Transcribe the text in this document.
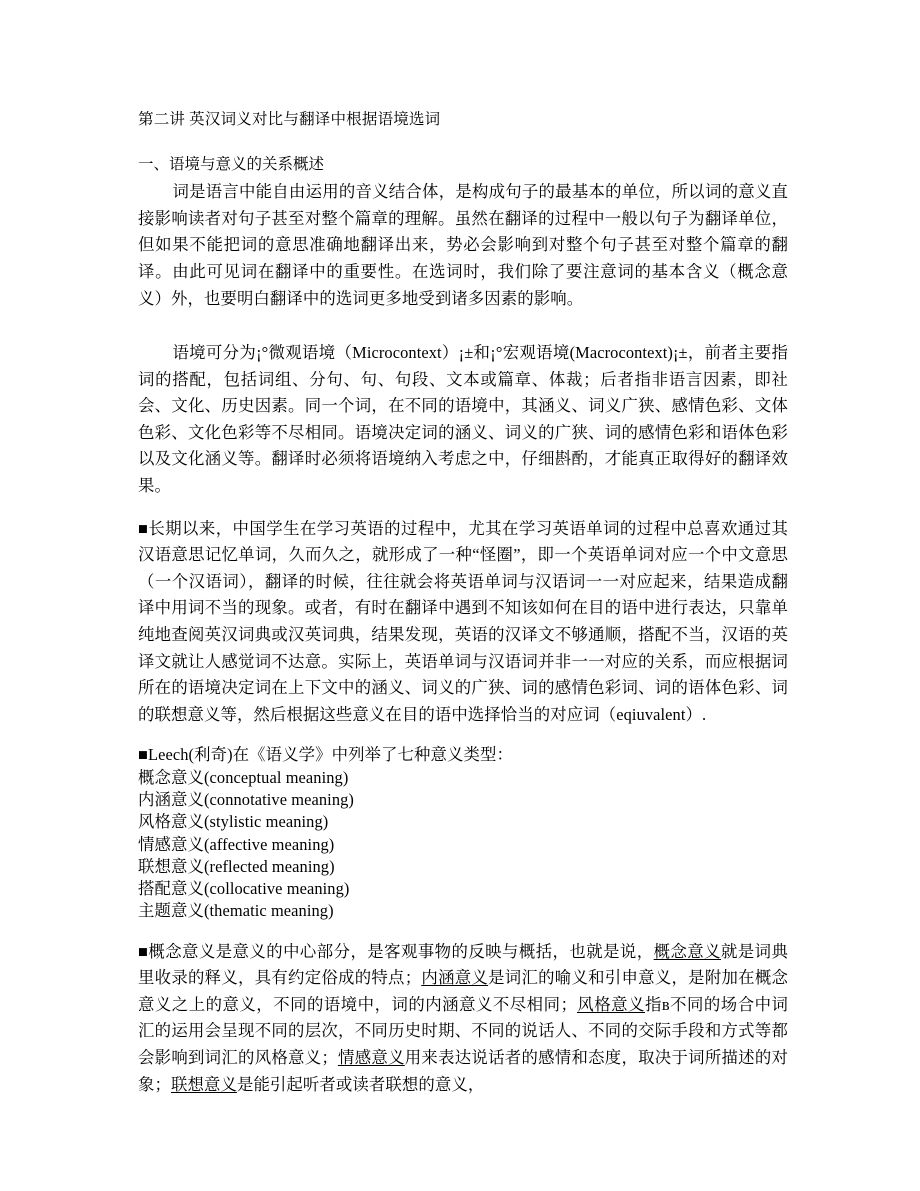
第二讲 英汉词义对比与翻译中根据语境选词
一、语境与意义的关系概述

词是语言中能自由运用的音义结合体，是构成句子的最基本的单位，所以词的意义直接影响读者对句子甚至对整个篇章的理解。虽然在翻译的过程中一般以句子为翻译单位，但如果不能把词的意思准确地翻译出来，势必会影响到对整个句子甚至对整个篇章的翻译。由此可见词在翻译中的重要性。在选词时，我们除了要注意词的基本含义（概念意义）外，也要明白翻译中的选词更多地受到诸多因素的影响。

语境可分为¡°微观语境（Microcontext）¡±和¡°宏观语境(Macrocontext)¡±，前者主要指词的搭配，包括词组、分句、句、句段、文本或篇章、体裁；后者指非语言因素，即社会、文化、历史因素。同一个词，在不同的语境中，其涵义、词义广狭、感情色彩、文体色彩、文化色彩等不尽相同。语境决定词的涵义、词义的广狭、词的感情色彩和语体色彩以及文化涵义等。翻译时必须将语境纳入考虑之中，仔细斟酌，才能真正取得好的翻译效果。

■长期以来，中国学生在学习英语的过程中，尤其在学习英语单词的过程中总喜欢通过其汉语意思记忆单词，久而久之，就形成了一种“怪圈”，即一个英语单词对应一个中文意思（一个汉语词），翻译的时候，往往就会将英语单词与汉语词一一对应起来，结果造成翻译中用词不当的现象。或者，有时在翻译中遇到不知该如何在目的语中进行表达，只靠单纯地查阅英汉词典或汉英词典，结果发现，英语的汉译文不够通顺，搭配不当，汉语的英译文就让人感觉词不达意。实际上，英语单词与汉语词并非一一对应的关系，而应根据词所在的语境决定词在上下文中的涵义、词义的广狭、词的感情色彩词、词的语体色彩、词的联想意义等，然后根据这些意义在目的语中选择恰当的对应词（eqiuvalent）.

■Leech(利奇)在《语义学》中列举了七种意义类型：

概念意义(conceptual meaning)

内涵意义(connotative meaning)

风格意义(stylistic meaning)

情感意义(affective meaning)

联想意义(reflected meaning)

搭配意义(collocative meaning)

主题意义(thematic meaning)

■概念意义是意义的中心部分，是客观事物的反映与概括，也就是说，概念意义就是词典里收录的释义，具有约定俗成的特点；内涵意义是词汇的喻义和引申意义，是附加在概念意义之上的意义，不同的语境中，词的内涵意义不尽相同；风格意义指в不同的场合中词汇的运用会呈现不同的层次，不同历史时期、不同的说话人、不同的交际手段和方式等都会影响到词汇的风格意义；情感意义用来表达说话者的感情和态度，取决于词所描述的对象；联想意义是能引起听者或读者联想的意义，
